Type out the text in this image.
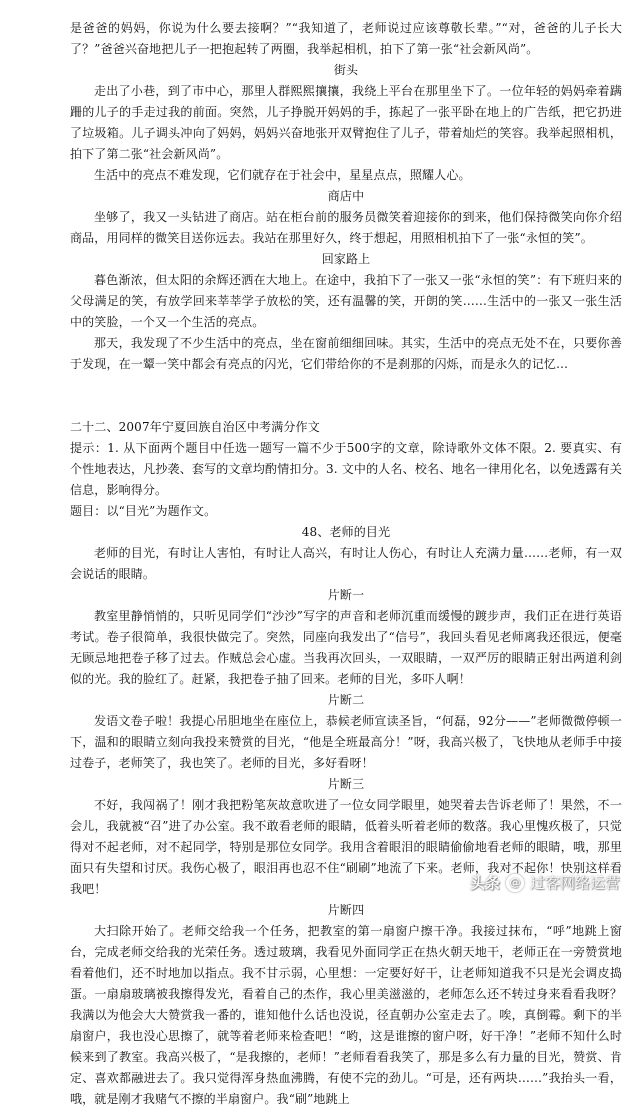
是爸爸的妈妈，你说为什么要去接啊？”“我知道了，老师说过应该尊敬长辈。”“对，爸爸的儿子长大了？”爸爸兴奋地把儿子一把抱起转了两圈，我举起相机，拍下了第一张“社会新风尚”。

街头

走出了小巷，到了市中心，那里人群熙熙攘攘，我绕上平台在那里坐下了。一位年轻的妈妈牵着蹒跚的儿子的手走过我的前面。突然，儿子挣脱开妈妈的手，拣起了一张平卧在地上的广告纸，把它扔进了垃圾箱。儿子调头冲向了妈妈，妈妈兴奋地张开双臂抱住了儿子，带着灿烂的笑容。我举起照相机，拍下了第二张“社会新风尚”。

生活中的亮点不难发现，它们就存在于社会中，星星点点，照耀人心。

商店中

坐够了，我又一头钻进了商店。站在柜台前的服务员微笑着迎接你的到来，他们保持微笑向你介绍商品，用同样的微笑目送你远去。我站在那里好久，终于想起，用照相机拍下了一张“永恒的笑”。

回家路上

暮色渐浓，但太阳的余辉还洒在大地上。在途中，我拍下了一张又一张“永恒的笑”：有下班归来的父母满足的笑，有放学回来莘莘学子放松的笑，还有温馨的笑，开朗的笑……生活中的一张又一张生活中的笑脸，一个又一个生活的亮点。

那天，我发现了不少生活中的亮点，坐在窗前细细回味。其实，生活中的亮点无处不在，只要你善于发现，在一颦一笑中都会有亮点的闪光，它们带给你的不是刹那的闪烁，而是永久的记忆…

二十二、2007年宁夏回族自治区中考满分作文

提示：1. 从下面两个题目中任选一题写一篇不少于500字的文章，除诗歌外文体不限。2. 要真实、有个性地表达，凡抄袭、套写的文章均酌情扣分。3. 文中的人名、校名、地名一律用化名，以免透露有关信息，影响得分。

题目：以“目光”为题作文。

48、老师的目光

老师的目光，有时让人害怕，有时让人高兴，有时让人伤心，有时让人充满力量……老师，有一双会说话的眼睛。

片断一

教室里静悄悄的，只听见同学们“沙沙”写字的声音和老师沉重而缓慢的踱步声，我们正在进行英语考试。卷子很简单，我很快做完了。突然，同座向我发出了“信号”，我回头看见老师离我还很远，便毫无顾忌地把卷子移了过去。作贼总会心虚。当我再次回头，一双眼睛，一双严厉的眼睛正射出两道利剑似的光。我的脸红了。赶紧，我把卷子抽了回来。老师的目光，多吓人啊！

片断二

发语文卷子啦！我提心吊胆地坐在座位上，恭候老师宣读圣旨，“何磊，92分——”老师微微停顿一下，温和的眼睛立刻向我投来赞赏的目光，“他是全班最高分！”呀，我高兴极了，飞快地从老师手中接过卷子，老师笑了，我也笑了。老师的目光，多好看呀！

片断三

不好，我闯祸了！刚才我把粉笔灰故意吹进了一位女同学眼里，她哭着去告诉老师了！果然，不一会儿，我就被“召”进了办公室。我不敢看老师的眼睛，低着头听着老师的数落。我心里愧疚极了，只觉得对不起老师，对不起同学，特别是那位女同学。我用含着眼泪的眼睛偷偷地看老师的眼睛，哦，那里面只有失望和讨厌。我伤心极了，眼泪再也忍不住“刷刷”地流了下来。老师，我对不起你！快别这样看我吧！

片断四

大扫除开始了。老师交给我一个任务，把教室的第一扇窗户擦干净。我接过抹布，“呼”地跳上窗台，完成老师交给我的光荣任务。透过玻璃，我看见外面同学正在热火朝天地干，老师正在一旁赞赏地看着他们，还不时地加以指点。我不甘示弱，心里想：一定要好好干，让老师知道我不只是光会调皮捣蛋。一扇扇玻璃被我擦得发光，看着自己的杰作，我心里美滋滋的，老师怎么还不转过身来看看我呀？我满以为他会大大赞赏我一番的，谁知他什么话也没说，径直朝办公室走去了。唉，真倒霉。剩下的半扇窗户，我也没心思擦了，就等着老师来检查吧！“哟，这是谁擦的窗户呀，好干净！”老师不知什么时候来到了教室。我高兴极了，“是我擦的，老师！”老师看看我笑了，那是多么有力量的目光，赞赏、肯定、喜欢都融进去了。我只觉得浑身热血沸腾，有使不完的劲儿。“可是，还有两块……”我抬头一看，哦，就是刚才我赌气不擦的半扇窗户。我“刷”地跳上

头条 @ 过客网络运营
